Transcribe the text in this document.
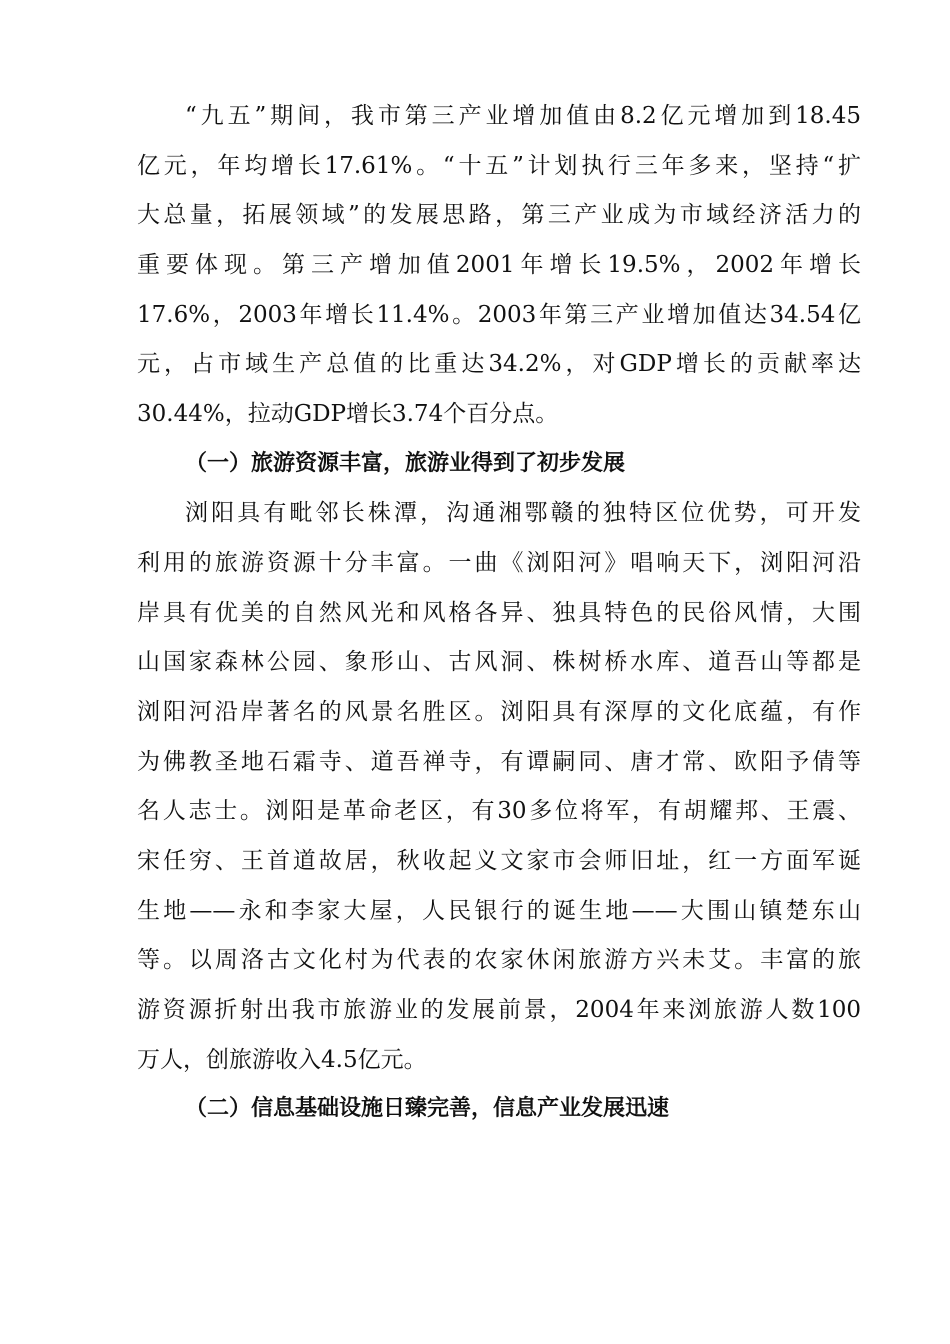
“九五”期间，我市第三产业增加值由8.2亿元增加到18.45
亿元，年均增长17.61%。“十五”计划执行三年多来，坚持“扩
大总量，拓展领域”的发展思路，第三产业成为市域经济活力的
重要体现。第三产增加值2001年增长19.5%，2002年增长
17.6%，2003年增长11.4%。2003年第三产业增加值达34.54亿
元，占市域生产总值的比重达34.2%，对GDP增长的贡献率达
30.44%，拉动GDP增长3.74个百分点。
（一）旅游资源丰富，旅游业得到了初步发展
浏阳具有毗邻长株潭，沟通湘鄂赣的独特区位优势，可开发
利用的旅游资源十分丰富。一曲《浏阳河》唱响天下，浏阳河沿
岸具有优美的自然风光和风格各异、独具特色的民俗风情，大围
山国家森林公园、象形山、古风洞、株树桥水库、道吾山等都是
浏阳河沿岸著名的风景名胜区。浏阳具有深厚的文化底蕴，有作
为佛教圣地石霜寺、道吾禅寺，有谭嗣同、唐才常、欧阳予倩等
名人志士。浏阳是革命老区，有30多位将军，有胡耀邦、王震、
宋任穷、王首道故居，秋收起义文家市会师旧址，红一方面军诞
生地——永和李家大屋，人民银行的诞生地——大围山镇楚东山
等。以周洛古文化村为代表的农家休闲旅游方兴未艾。丰富的旅
游资源折射出我市旅游业的发展前景，2004年来浏旅游人数100
万人，创旅游收入4.5亿元。
（二）信息基础设施日臻完善，信息产业发展迅速
